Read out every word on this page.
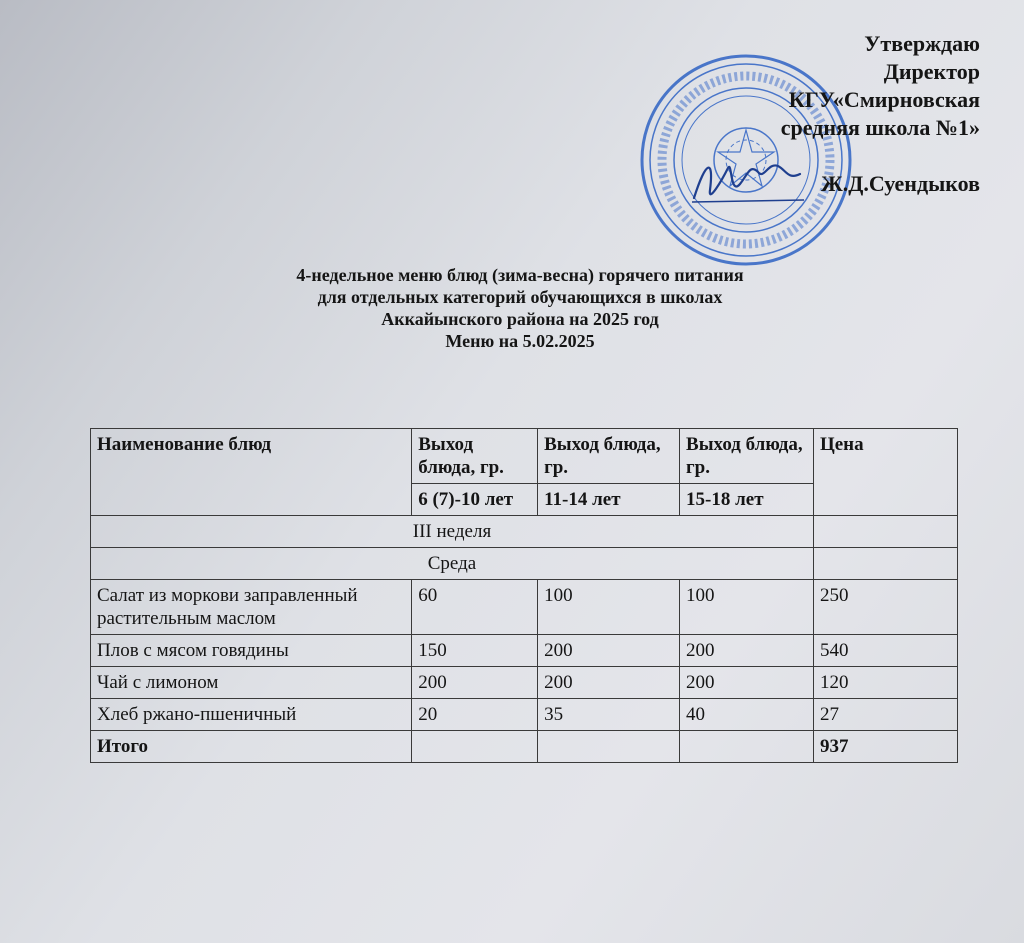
Утверждаю
Директор
КГУ«Смирновская
средняя школа №1»
Ж.Д.Суендыков
4-недельное меню блюд (зима-весна) горячего питания
для отдельных категорий обучающихся в школах
Аккайынского района на 2025 год
Меню на 5.02.2025
Наименование блюд	Выход блюда, гр.	Выход блюда, гр.	Выход блюда, гр.	Цена
	6 (7)-10 лет	11-14 лет	15-18 лет	
III неделя				
Среда				
Салат из моркови заправленный растительным маслом	60	100	100	250
Плов с мясом говядины	150	200	200	540
Чай с лимоном	200	200	200	120
Хлеб ржано-пшеничный	20	35	40	27
Итого				937
